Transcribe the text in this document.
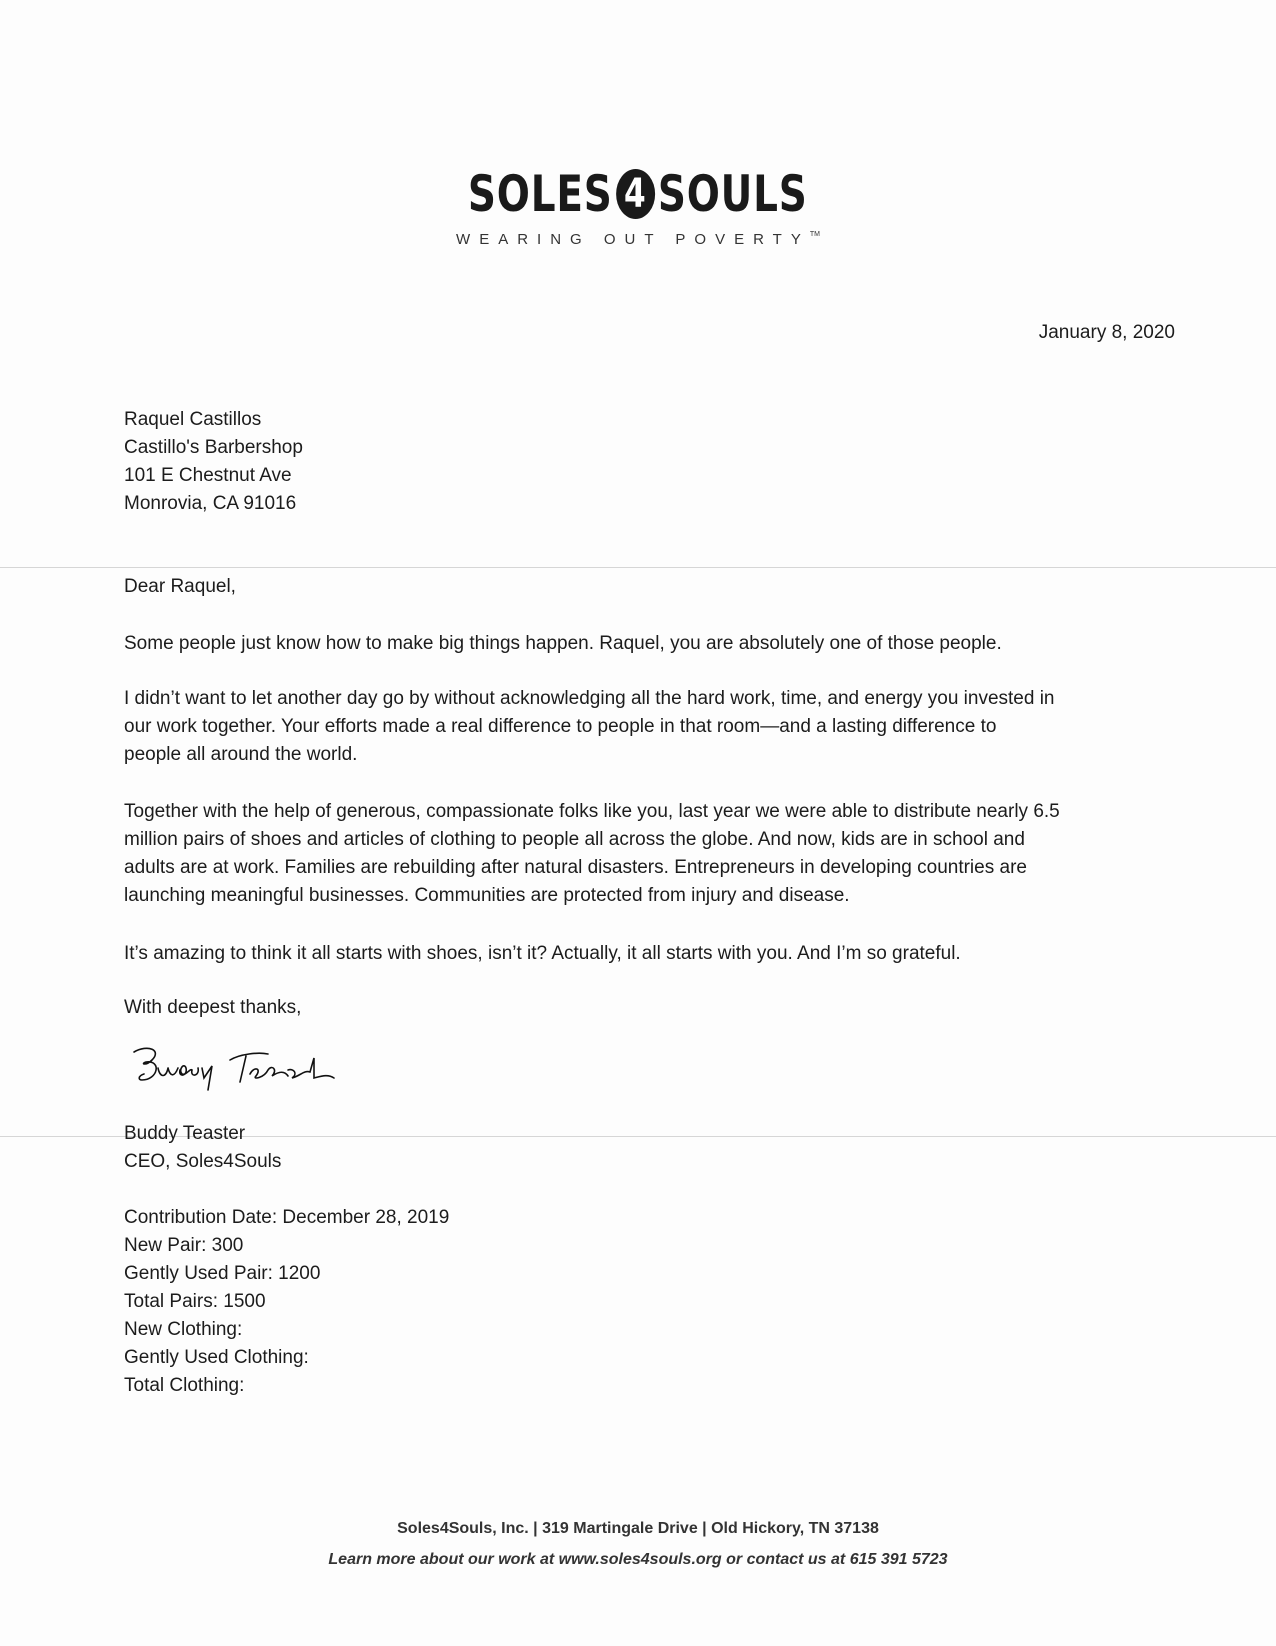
SOLES 4 SOULS
WEARING OUT POVERTY™
January 8, 2020
Raquel Castillos
Castillo's Barbershop
101 E Chestnut Ave
Monrovia, CA 91016
Dear Raquel,
Some people just know how to make big things happen. Raquel, you are absolutely one of those people.
I didn’t want to let another day go by without acknowledging all the hard work, time, and energy you invested in
our work together. Your efforts made a real difference to people in that room—and a lasting difference to
people all around the world.
Together with the help of generous, compassionate folks like you, last year we were able to distribute nearly 6.5
million pairs of shoes and articles of clothing to people all across the globe. And now, kids are in school and
adults are at work. Families are rebuilding after natural disasters. Entrepreneurs in developing countries are
launching meaningful businesses. Communities are protected from injury and disease.
It’s amazing to think it all starts with shoes, isn’t it? Actually, it all starts with you. And I’m so grateful.
With deepest thanks,
Buddy Teaster
CEO, Soles4Souls
Contribution Date: December 28, 2019
New Pair: 300
Gently Used Pair: 1200
Total Pairs: 1500
New Clothing:
Gently Used Clothing:
Total Clothing:
Soles4Souls, Inc. | 319 Martingale Drive | Old Hickory, TN 37138
Learn more about our work at www.soles4souls.org or contact us at 615 391 5723
